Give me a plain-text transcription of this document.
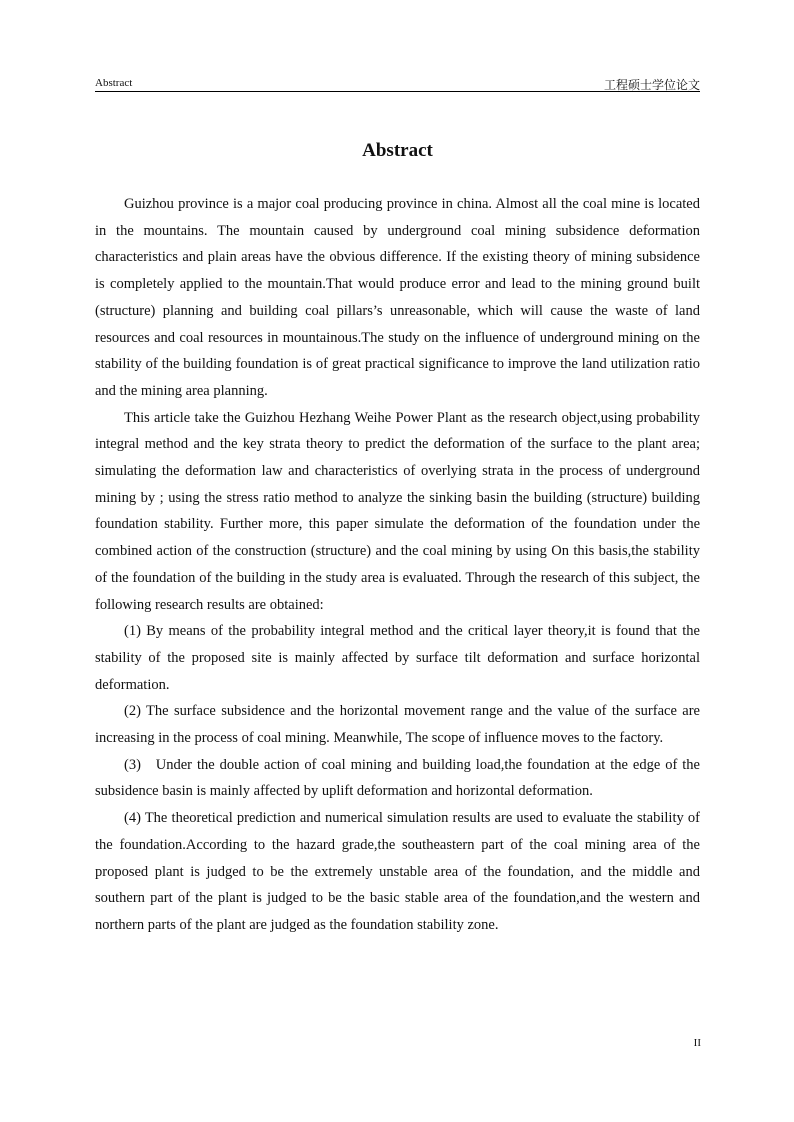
Abstract	工程硕士学位论文
Abstract

Guizhou province is a major coal producing province in china. Almost all the coal mine is located in the mountains. The mountain caused by underground coal mining subsidence deformation characteristics and plain areas have the obvious difference. If the existing theory of mining subsidence is completely applied to the mountain.That would produce error and lead to the mining ground built (structure) planning and building coal pillars’s unreasonable, which will cause the waste of land resources and coal resources in mountainous.The study on the influence of underground mining on the stability of the building foundation is of great practical significance to improve the land utilization ratio and the mining area planning.

This article take the Guizhou Hezhang Weihe Power Plant as the research object,using probability integral method and the key strata theory to predict the deformation of the surface to the plant area; simulating the deformation law and characteristics of overlying strata in the process of underground mining by ; using the stress ratio method to analyze the sinking basin the building (structure) building foundation stability. Further more, this paper simulate the deformation of the foundation under the combined action of the construction (structure) and the coal mining by using On this basis,the stability of the foundation of the building in the study area is evaluated. Through the research of this subject, the following research results are obtained:

(1) By means of the probability integral method and the critical layer theory,it is found that the stability of the proposed site is mainly affected by surface tilt deformation and surface horizontal deformation.

(2) The surface subsidence and the horizontal movement range and the value of the surface are increasing in the process of coal mining. Meanwhile, The scope of influence moves to the factory.

(3)   Under the double action of coal mining and building load,the foundation at the edge of the subsidence basin is mainly affected by uplift deformation and horizontal deformation.

(4) The theoretical prediction and numerical simulation results are used to evaluate the stability of the foundation.According to the hazard grade,the southeastern part of the coal mining area of the proposed plant is judged to be the extremely unstable area of the foundation, and the middle and southern part of the plant is judged to be the basic stable area of the foundation,and the western and northern parts of the plant are judged as the foundation stability zone.

II
